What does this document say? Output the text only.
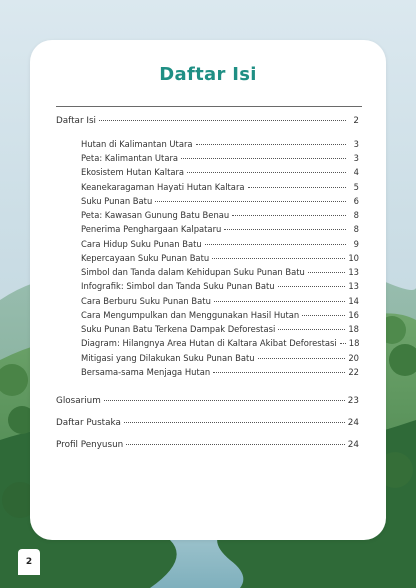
Daftar Isi
Daftar Isi	2
Hutan di Kalimantan Utara	3
Peta: Kalimantan Utara	3
Ekosistem Hutan Kaltara	4
Keanekaragaman Hayati Hutan Kaltara	5
Suku Punan Batu	6
Peta: Kawasan Gunung Batu Benau	8
Penerima Penghargaan Kalpataru	8
Cara Hidup Suku Punan Batu	9
Kepercayaan Suku Punan Batu	10
Simbol dan Tanda dalam Kehidupan Suku Punan Batu	13
Infografik: Simbol dan Tanda Suku Punan Batu	13
Cara Berburu Suku Punan Batu	14
Cara Mengumpulkan dan Menggunakan Hasil Hutan	16
Suku Punan Batu Terkena Dampak Deforestasi	18
Diagram: Hilangnya Area Hutan di Kaltara Akibat Deforestasi 18
Mitigasi yang Dilakukan Suku Punan Batu	20
Bersama-sama Menjaga Hutan	22
Glosarium	23
Daftar Pustaka	24
Profil Penyusun	24
2
